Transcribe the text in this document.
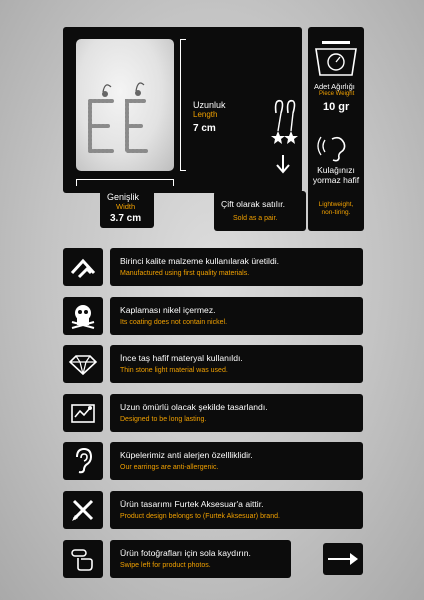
Uzunluk
Length
7 cm
Genişlik
Width
3.7 cm
Çift olarak satılır.
Sold as a pair.
Adet Ağırlığı
Piece Weight
10 gr
Kulağınızı yormaz hafif
Lightweight, non-tiring.
Birinci kalite malzeme kullanılarak üretildi.
Manufactured using first quality materials.
Kaplaması nikel içermez.
Its coating does not contain nickel.
İnce taş hafif materyal kullanıldı.
Thin stone light material was used.
Uzun ömürlü olacak şekilde tasarlandı.
Designed to be long lasting.
Küpelerimiz anti alerjen özellliklidir.
Our earrings are anti-allergenic.
Ürün tasarımı Furtek Aksesuar'a aittir.
Product design belongs to (Furtek Aksesuar) brand.
Ürün fotoğrafları için sola kaydırın.
Swipe left for product photos.
